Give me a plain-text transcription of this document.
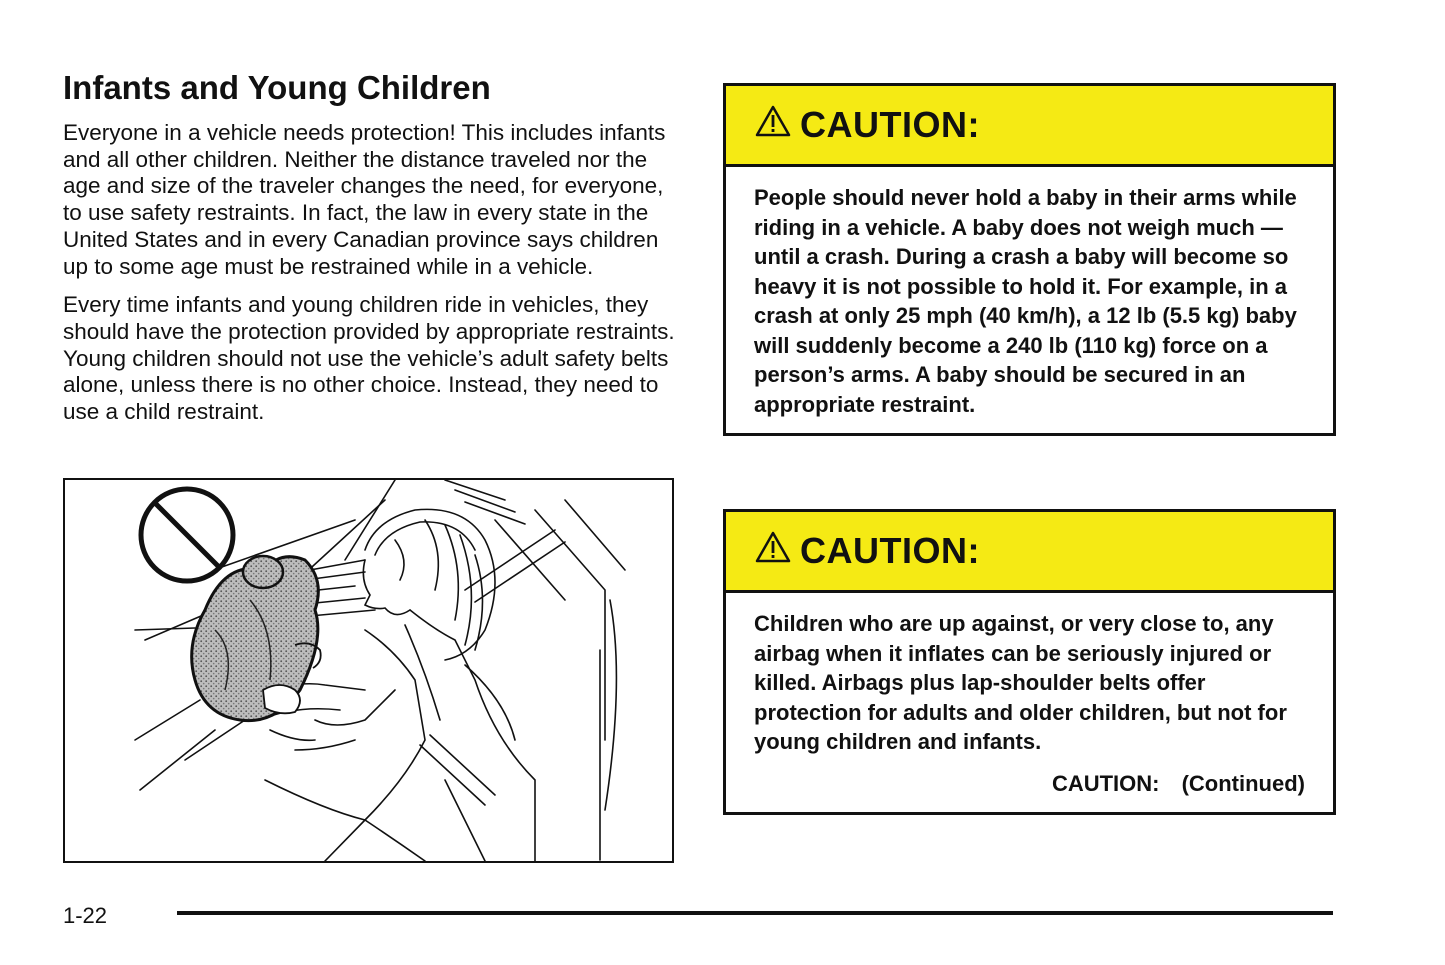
Infants and Young Children

Everyone in a vehicle needs protection! This includes infants and all other children. Neither the distance traveled nor the age and size of the traveler changes the need, for everyone, to use safety restraints. In fact, the law in every state in the United States and in every Canadian province says children up to some age must be restrained while in a vehicle.

Every time infants and young children ride in vehicles, they should have the protection provided by appropriate restraints. Young children should not use the vehicle’s adult safety belts alone, unless there is no other choice. Instead, they need to use a child restraint.

CAUTION:
People should never hold a baby in their arms while riding in a vehicle. A baby does not weigh much — until a crash. During a crash a baby will become so heavy it is not possible to hold it. For example, in a crash at only 25 mph (40 km/h), a 12 lb (5.5 kg) baby will suddenly become a 240 lb (110 kg) force on a person’s arms. A baby should be secured in an appropriate restraint.
CAUTION:
Children who are up against, or very close to, any airbag when it inflates can be seriously injured or killed. Airbags plus lap-shoulder belts offer protection for adults and older children, but not for young children and infants.
CAUTION: (Continued)
1-22
